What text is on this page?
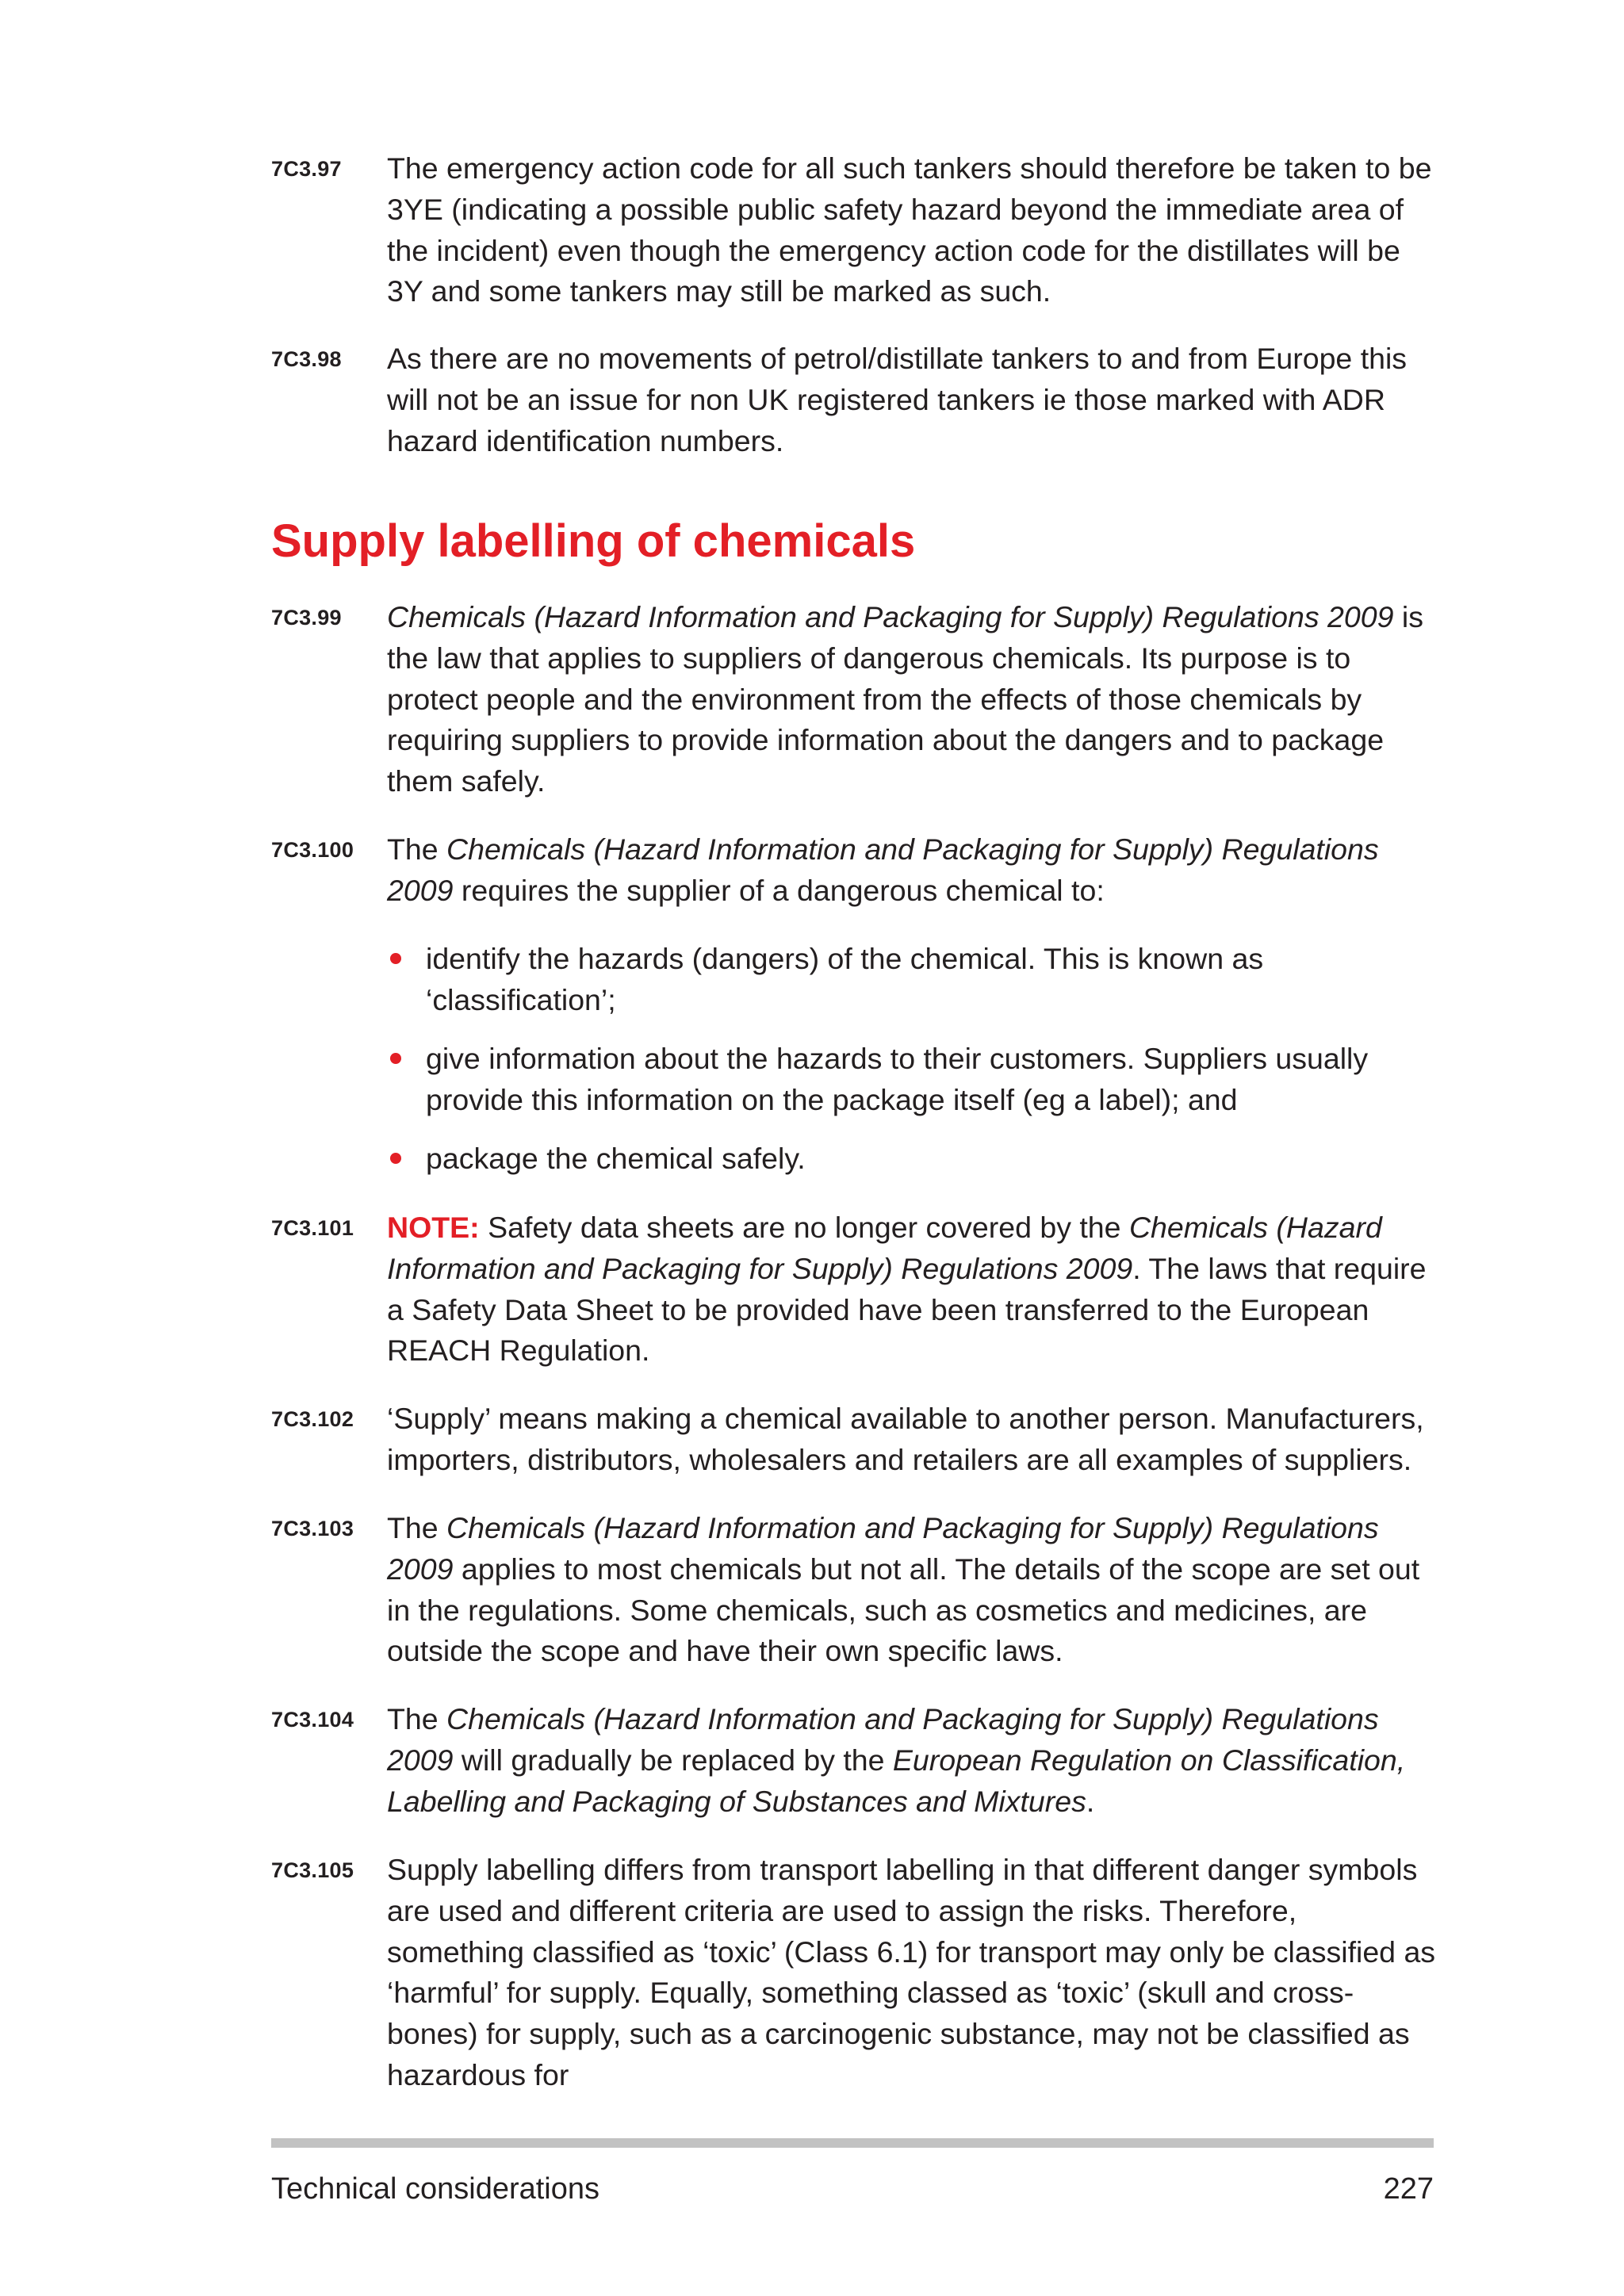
7C3.97	The emergency action code for all such tankers should therefore be taken to be 3YE (indicating a possible public safety hazard beyond the immediate area of the incident) even though the emergency action code for the distillates will be 3Y and some tankers may still be marked as such.
7C3.98	As there are no movements of petrol/distillate tankers to and from Europe this will not be an issue for non UK registered tankers ie those marked with ADR hazard identification numbers.
Supply labelling of chemicals
7C3.99	Chemicals (Hazard Information and Packaging for Supply) Regulations 2009 is the law that applies to suppliers of dangerous chemicals. Its purpose is to protect people and the environment from the effects of those chemicals by requiring suppliers to provide information about the dangers and to package them safely.
7C3.100	The Chemicals (Hazard Information and Packaging for Supply) Regulations 2009 requires the supplier of a dangerous chemical to:
identify the hazards (dangers) of the chemical. This is known as ‘classification’;
give information about the hazards to their customers. Suppliers usually provide this information on the package itself (eg a label); and
package the chemical safely.
7C3.101	NOTE: Safety data sheets are no longer covered by the Chemicals (Hazard Information and Packaging for Supply) Regulations 2009. The laws that require a Safety Data Sheet to be provided have been transferred to the European REACH Regulation.
7C3.102	‘Supply’ means making a chemical available to another person. Manufacturers, importers, distributors, wholesalers and retailers are all examples of suppliers.
7C3.103	The Chemicals (Hazard Information and Packaging for Supply) Regulations 2009 applies to most chemicals but not all. The details of the scope are set out in the regulations. Some chemicals, such as cosmetics and medicines, are outside the scope and have their own specific laws.
7C3.104	The Chemicals (Hazard Information and Packaging for Supply) Regulations 2009 will gradually be replaced by the European Regulation on Classification, Labelling and Packaging of Substances and Mixtures.
7C3.105	Supply labelling differs from transport labelling in that different danger symbols are used and different criteria are used to assign the risks. Therefore, something classified as ‘toxic’ (Class 6.1) for transport may only be classified as ‘harmful’ for supply. Equally, something classed as ‘toxic’ (skull and cross-bones) for supply, such as a carcinogenic substance, may not be classified as hazardous for
Technical considerations	227
